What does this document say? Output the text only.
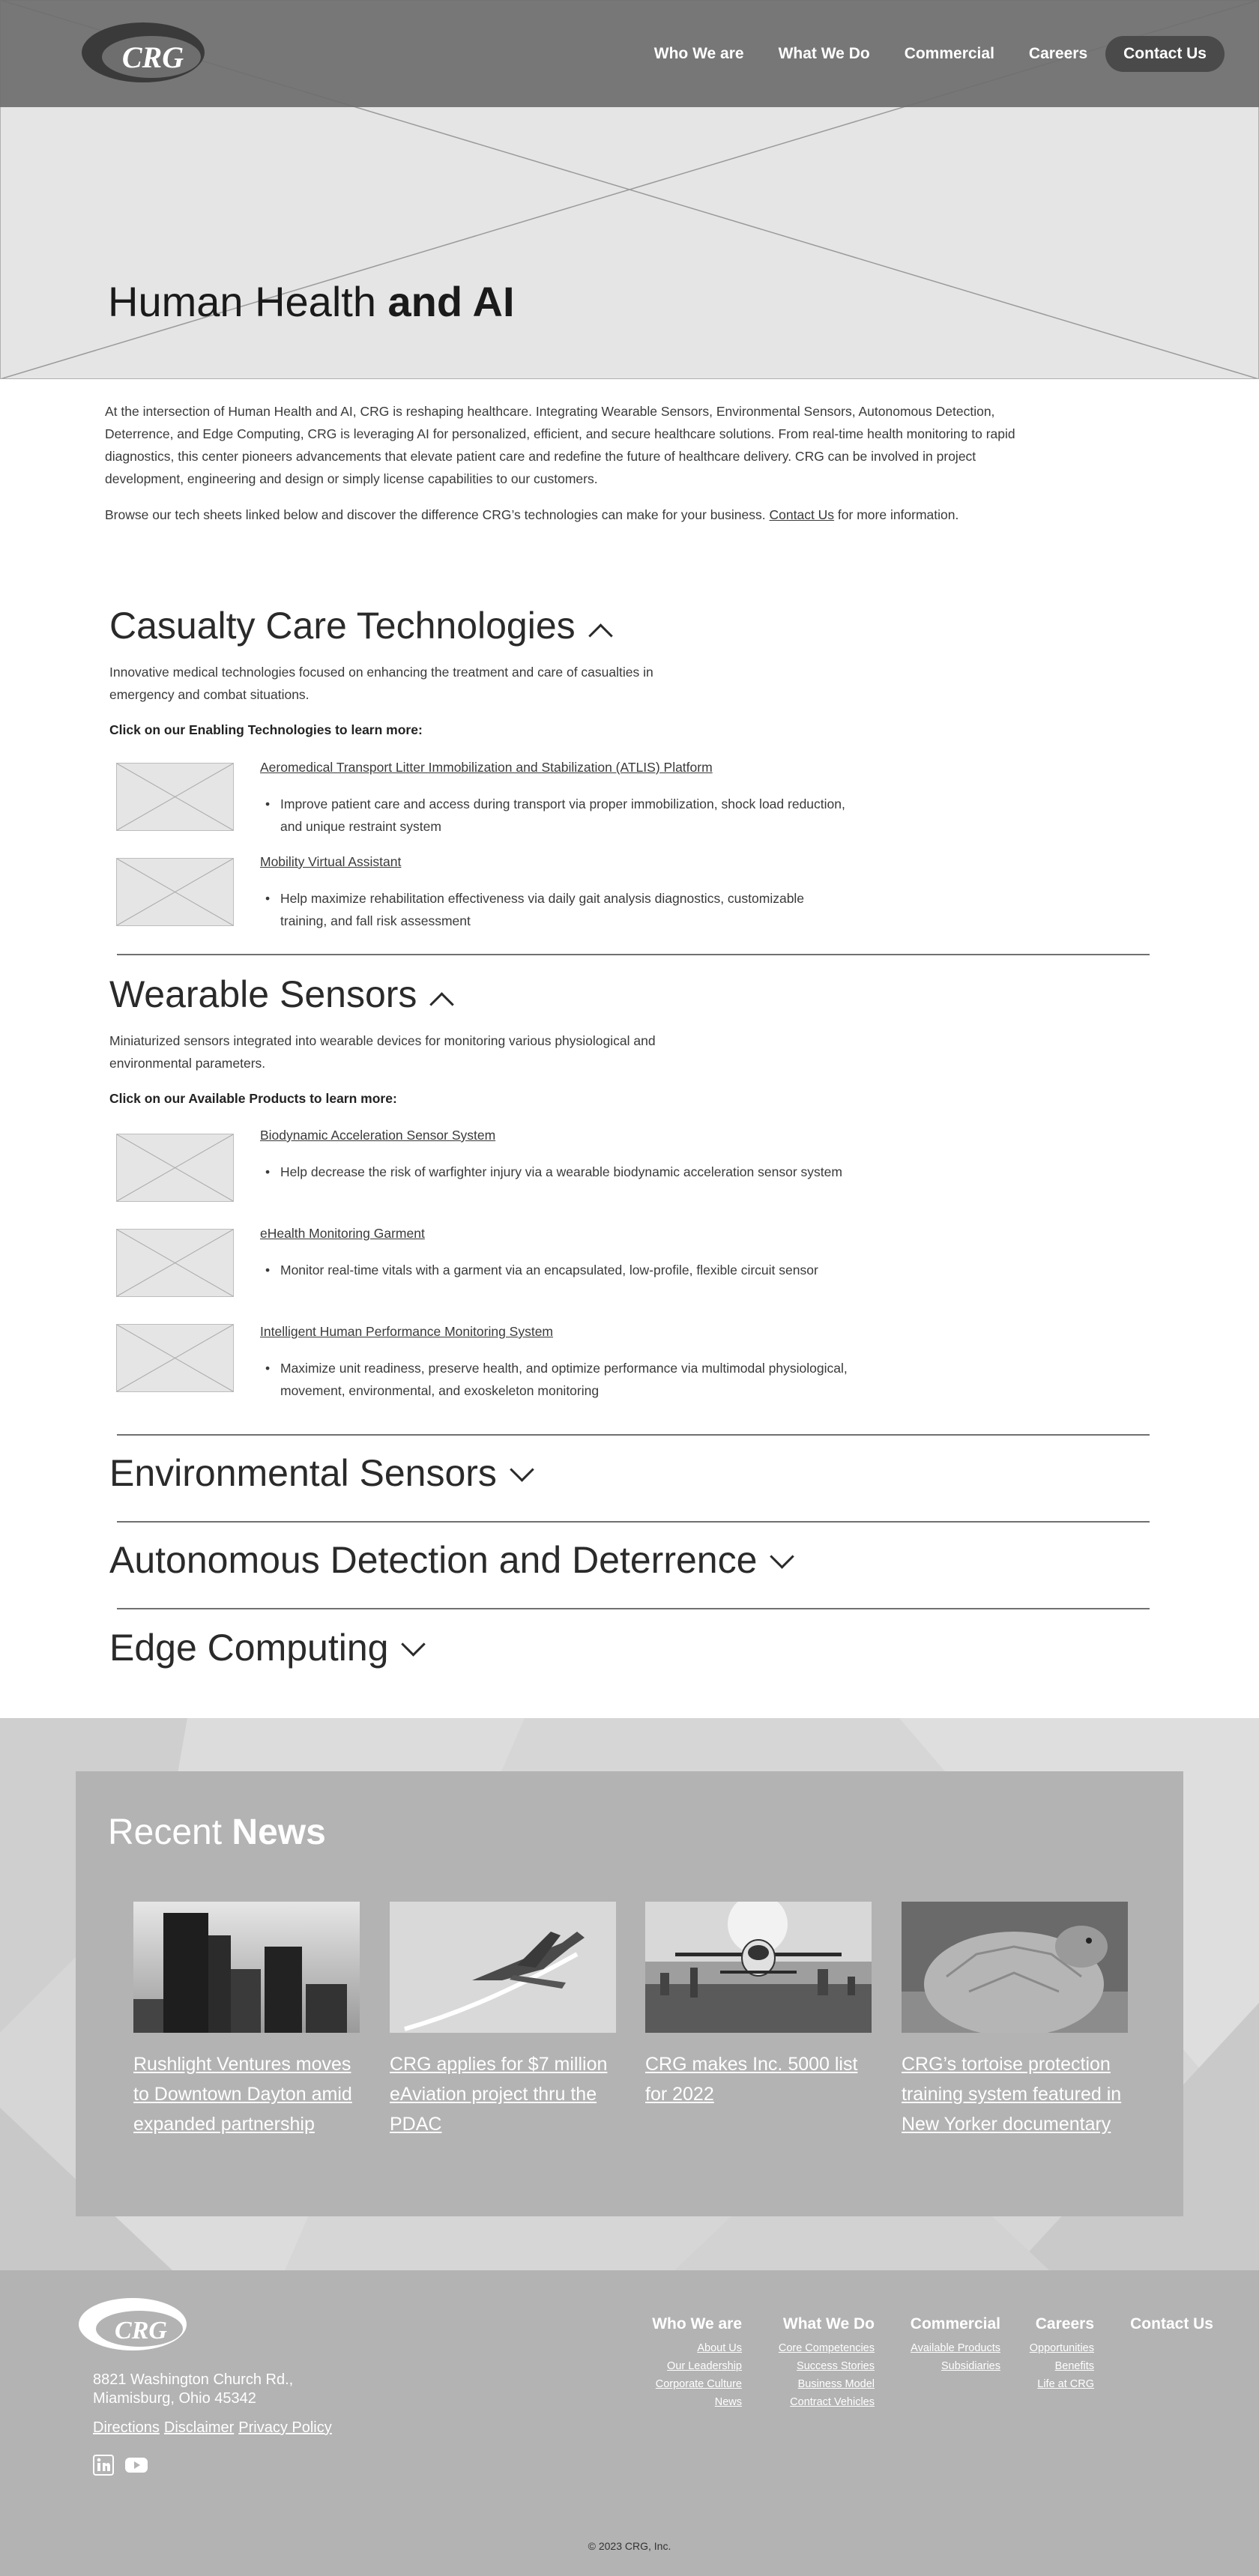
CRG	Who We are What We Do Commercial Careers	Contact Us
Human Health and AI

At the intersection of Human Health and AI, CRG is reshaping healthcare. Integrating Wearable Sensors, Environmental Sensors, Autonomous Detection, Deterrence, and Edge Computing, CRG is leveraging AI for personalized, efficient, and secure healthcare solutions. From real-time health monitoring to rapid diagnostics, this center pioneers advancements that elevate patient care and redefine the future of healthcare delivery. CRG can be involved in project development, engineering and design or simply license capabilities to our customers.

Browse our tech sheets linked below and discover the difference CRG’s technologies can make for your business. Contact Us for more information.

Casualty Care Technologies

Innovative medical technologies focused on enhancing the treatment and care of casualties in emergency and combat situations.

Click on our Enabling Technologies to learn more:

Aeromedical Transport Litter Immobilization and Stabilization (ATLIS) Platform
• Improve patient care and access during transport via proper immobilization, shock load reduction, and unique restraint system
Mobility Virtual Assistant
• Help maximize rehabilitation effectiveness via daily gait analysis diagnostics, customizable training, and fall risk assessment
Wearable Sensors

Miniaturized sensors integrated into wearable devices for monitoring various physiological and environmental parameters.

Click on our Available Products to learn more:

Biodynamic Acceleration Sensor System
• Help decrease the risk of warfighter injury via a wearable biodynamic acceleration sensor system
eHealth Monitoring Garment
• Monitor real-time vitals with a garment via an encapsulated, low-profile, flexible circuit sensor
Intelligent Human Performance Monitoring System
• Maximize unit readiness, preserve health, and optimize performance via multimodal physiological, movement, environmental, and exoskeleton monitoring
Environmental Sensors
Autonomous Detection and Deterrence
Edge Computing
Recent News
Rushlight Ventures moves to Downtown Dayton amid expanded partnership
CRG applies for $7 million eAviation project thru the PDAC
CRG makes Inc. 5000 list for 2022
CRG’s tortoise protection training system featured in New Yorker documentary
CRG
8821 Washington Church Rd.,
Miamisburg, Ohio 45342
Directions Disclaimer Privacy Policy
Who We are
About Us
Our Leadership
Corporate Culture
News
What We Do
Core Competencies
Success Stories
Business Model
Contract Vehicles
Commercial
Available Products
Subsidiaries
Careers
Opportunities
Benefits
Life at CRG
Contact Us
© 2023 CRG, Inc.
